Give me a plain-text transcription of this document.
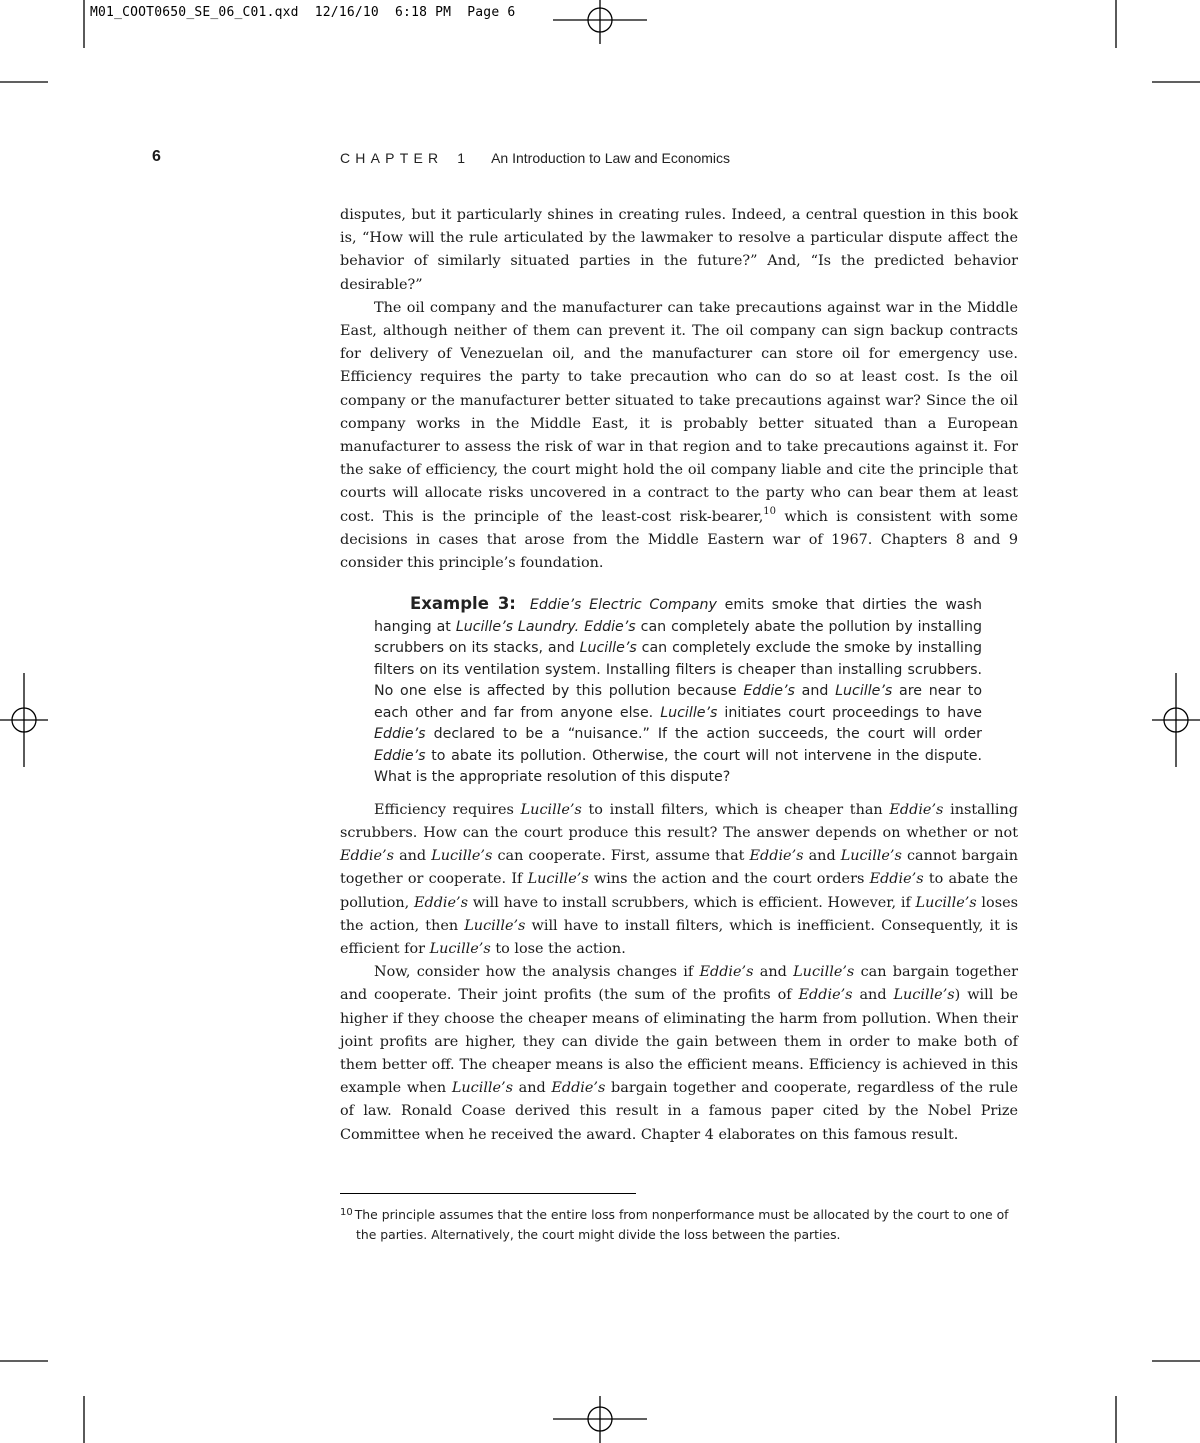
M01_COOT0650_SE_06_C01.qxd  12/16/10  6:18 PM  Page 6
6	CHAPTER 1 An Introduction to Law and Economics

disputes, but it particularly shines in creating rules. Indeed, a central question in this book is, “How will the rule articulated by the lawmaker to resolve a particular dispute affect the behavior of similarly situated parties in the future?” And, “Is the predicted behavior desirable?”

The oil company and the manufacturer can take precautions against war in the Middle East, although neither of them can prevent it. The oil company can sign backup contracts for delivery of Venezuelan oil, and the manufacturer can store oil for emergency use. Efficiency requires the party to take precaution who can do so at least cost. Is the oil company or the manufacturer better situated to take precautions against war? Since the oil company works in the Middle East, it is probably better situated than a European manufacturer to assess the risk of war in that region and to take precautions against it. For the sake of efficiency, the court might hold the oil company liable and cite the principle that courts will allocate risks uncovered in a contract to the party who can bear them at least cost. This is the principle of the least-cost risk-bearer,$^{10}$ which is consistent with some decisions in cases that arose from the Middle Eastern war of 1967. Chapters 8 and 9 consider this principle’s foundation.

Example 3: Eddie’s Electric Company emits smoke that dirties the wash hanging at Lucille’s Laundry. Eddie’s can completely abate the pollution by installing scrubbers on its stacks, and Lucille’s can completely exclude the smoke by installing filters on its ventilation system. Installing filters is cheaper than installing scrubbers. No one else is affected by this pollution because Eddie’s and Lucille’s are near to each other and far from anyone else. Lucille’s initiates court proceedings to have Eddie’s declared to be a “nuisance.” If the action succeeds, the court will order Eddie’s to abate its pollution. Otherwise, the court will not intervene in the dispute. What is the appropriate resolution of this dispute?

Efficiency requires Lucille’s to install filters, which is cheaper than Eddie’s installing scrubbers. How can the court produce this result? The answer depends on whether or not Eddie’s and Lucille’s can cooperate. First, assume that Eddie’s and Lucille’s cannot bargain together or cooperate. If Lucille’s wins the action and the court orders Eddie’s to abate the pollution, Eddie’s will have to install scrubbers, which is efficient. However, if Lucille’s loses the action, then Lucille’s will have to install filters, which is inefficient. Consequently, it is efficient for Lucille’s to lose the action.

Now, consider how the analysis changes if Eddie’s and Lucille’s can bargain together and cooperate. Their joint profits (the sum of the profits of Eddie’s and Lucille’s) will be higher if they choose the cheaper means of eliminating the harm from pollution. When their joint profits are higher, they can divide the gain between them in order to make both of them better off. The cheaper means is also the efficient means. Efficiency is achieved in this example when Lucille’s and Eddie’s bargain together and cooperate, regardless of the rule of law. Ronald Coase derived this result in a famous paper cited by the Nobel Prize Committee when he received the award. Chapter 4 elaborates on this famous result.

$^{10}$ The principle assumes that the entire loss from nonperformance must be allocated by the court to one of
the parties. Alternatively, the court might divide the loss between the parties.
